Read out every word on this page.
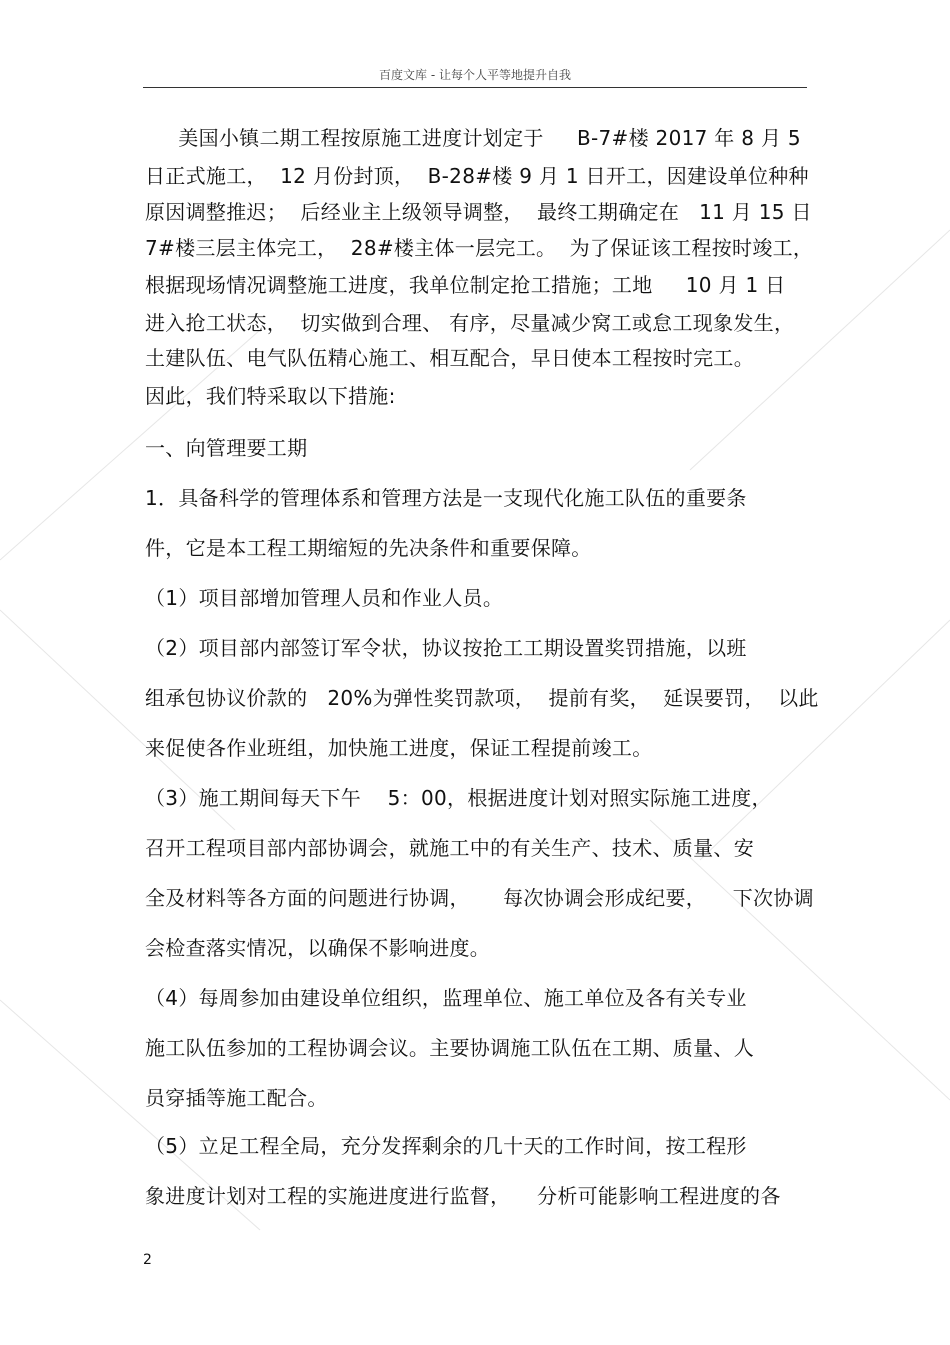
百度文库 - 让每个人平等地提升自我
美国小镇二期工程按原施工进度计划定于     B-7#楼 2017 年 8 月 5
日正式施工，  12 月份封顶，  B-28#楼 9 月 1 日开工，因建设单位种种
原因调整推迟；  后经业主上级领导调整，  最终工期确定在   11 月 15 日
7#楼三层主体完工，  28#楼主体一层完工。  为了保证该工程按时竣工，
根据现场情况调整施工进度，我单位制定抢工措施；工地     10 月 1 日
进入抢工状态，  切实做到合理、 有序，尽量减少窝工或怠工现象发生，
土建队伍、电气队伍精心施工、相互配合，早日使本工程按时完工。
因此，我们特采取以下措施:
一、向管理要工期
1．具备科学的管理体系和管理方法是一支现代化施工队伍的重要条
件，它是本工程工期缩短的先决条件和重要保障。
（1）项目部增加管理人员和作业人员。
（2）项目部内部签订军令状，协议按抢工工期设置奖罚措施，以班
组承包协议价款的   20%为弹性奖罚款项，  提前有奖，  延误要罚，  以此
来促使各作业班组，加快施工进度，保证工程提前竣工。
（3）施工期间每天下午    5：00，根据进度计划对照实际施工进度，
召开工程项目部内部协调会，就施工中的有关生产、技术、质量、安
全及材料等各方面的问题进行协调，     每次协调会形成纪要，    下次协调
会检查落实情况，以确保不影响进度。
（4）每周参加由建设单位组织，监理单位、施工单位及各有关专业
施工队伍参加的工程协调会议。主要协调施工队伍在工期、质量、人
员穿插等施工配合。
（5）立足工程全局，充分发挥剩余的几十天的工作时间，按工程形
象进度计划对工程的实施进度进行监督，    分析可能影响工程进度的各
2
